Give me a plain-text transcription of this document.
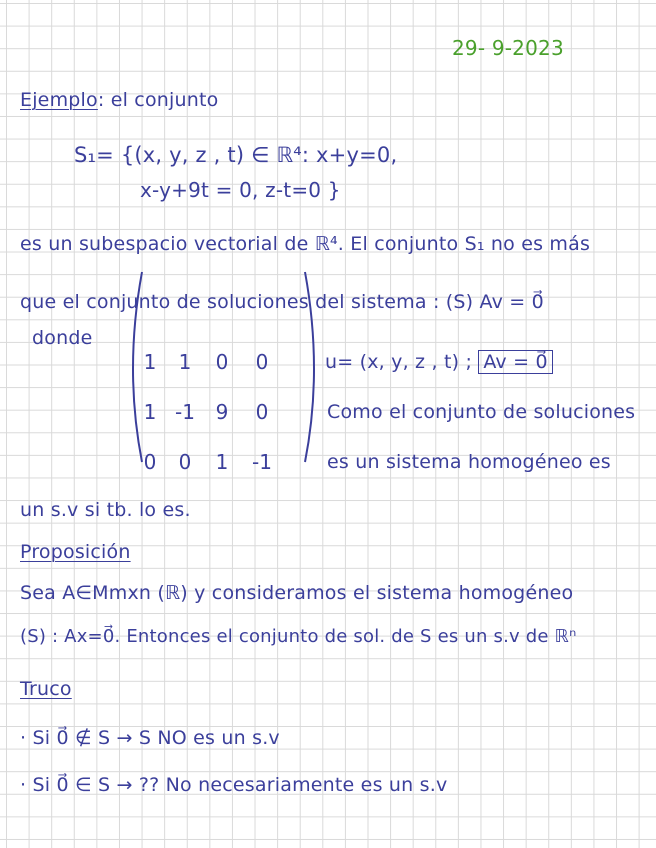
29- 9-2023
Ejemplo: el conjunto
S₁= {(x, y, z , t) ∈ ℝ⁴: x+y=0,
x-y+9t = 0, z-t=0 }
es un subespacio vectorial de ℝ⁴. El conjunto S₁ no es más
que el conjunto de soluciones del sistema : (S) Av = 0⃗
donde
1	1	0	0
1 -1	9	0
0	0	1	-1
u= (x, y, z , t) ; Av = 0⃗
Como el conjunto de soluciones
es un sistema homogéneo es
un s.v si tb. lo es.
Proposición
Sea A∈Mmxn (ℝ) y consideramos el sistema homogéneo
(S) : Ax=0⃗. Entonces el conjunto de sol. de S es un s.v de ℝⁿ
Truco
· Si 0⃗ ∉ S → S NO es un s.v
· Si 0⃗ ∈ S → ?? No necesariamente es un s.v
